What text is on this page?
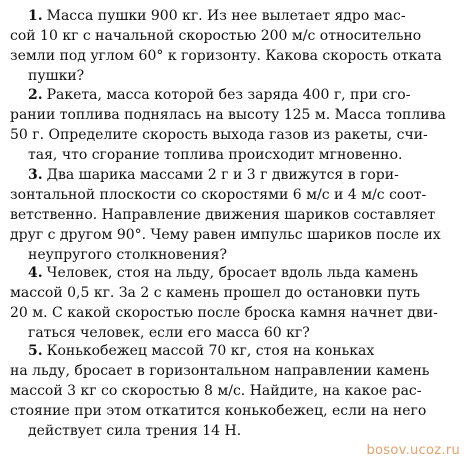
1. Масса пушки 900 кг. Из нее вылетает ядро мас-
сой 10 кг с начальной скоростью 200 м/с относительно
земли под углом 60° к горизонту. Какова скорость отката
пушки?
2. Ракета, масса которой без заряда 400 г, при сго-
рании топлива поднялась на высоту 125 м. Масса топлива
50 г. Определите скорость выхода газов из ракеты, счи-
тая, что сгорание топлива происходит мгновенно.
3. Два шарика массами 2 г и 3 г движутся в гори-
зонтальной плоскости со скоростями 6 м/с и 4 м/с соот-
ветственно. Направление движения шариков составляет
друг с другом 90°. Чему равен импульс шариков после их
неупругого столкновения?
4. Человек, стоя на льду, бросает вдоль льда камень
массой 0,5 кг. За 2 с камень прошел до остановки путь
20 м. С какой скоростью после броска камня начнет дви-
гаться человек, если его масса 60 кг?
5. Конькобежец массой 70 кг, стоя на коньках
на льду, бросает в горизонтальном направлении камень
массой 3 кг со скоростью 8 м/с. Найдите, на какое рас-
стояние при этом откатится конькобежец, если на него
действует сила трения 14 Н.
bosov.ucoz.ru
